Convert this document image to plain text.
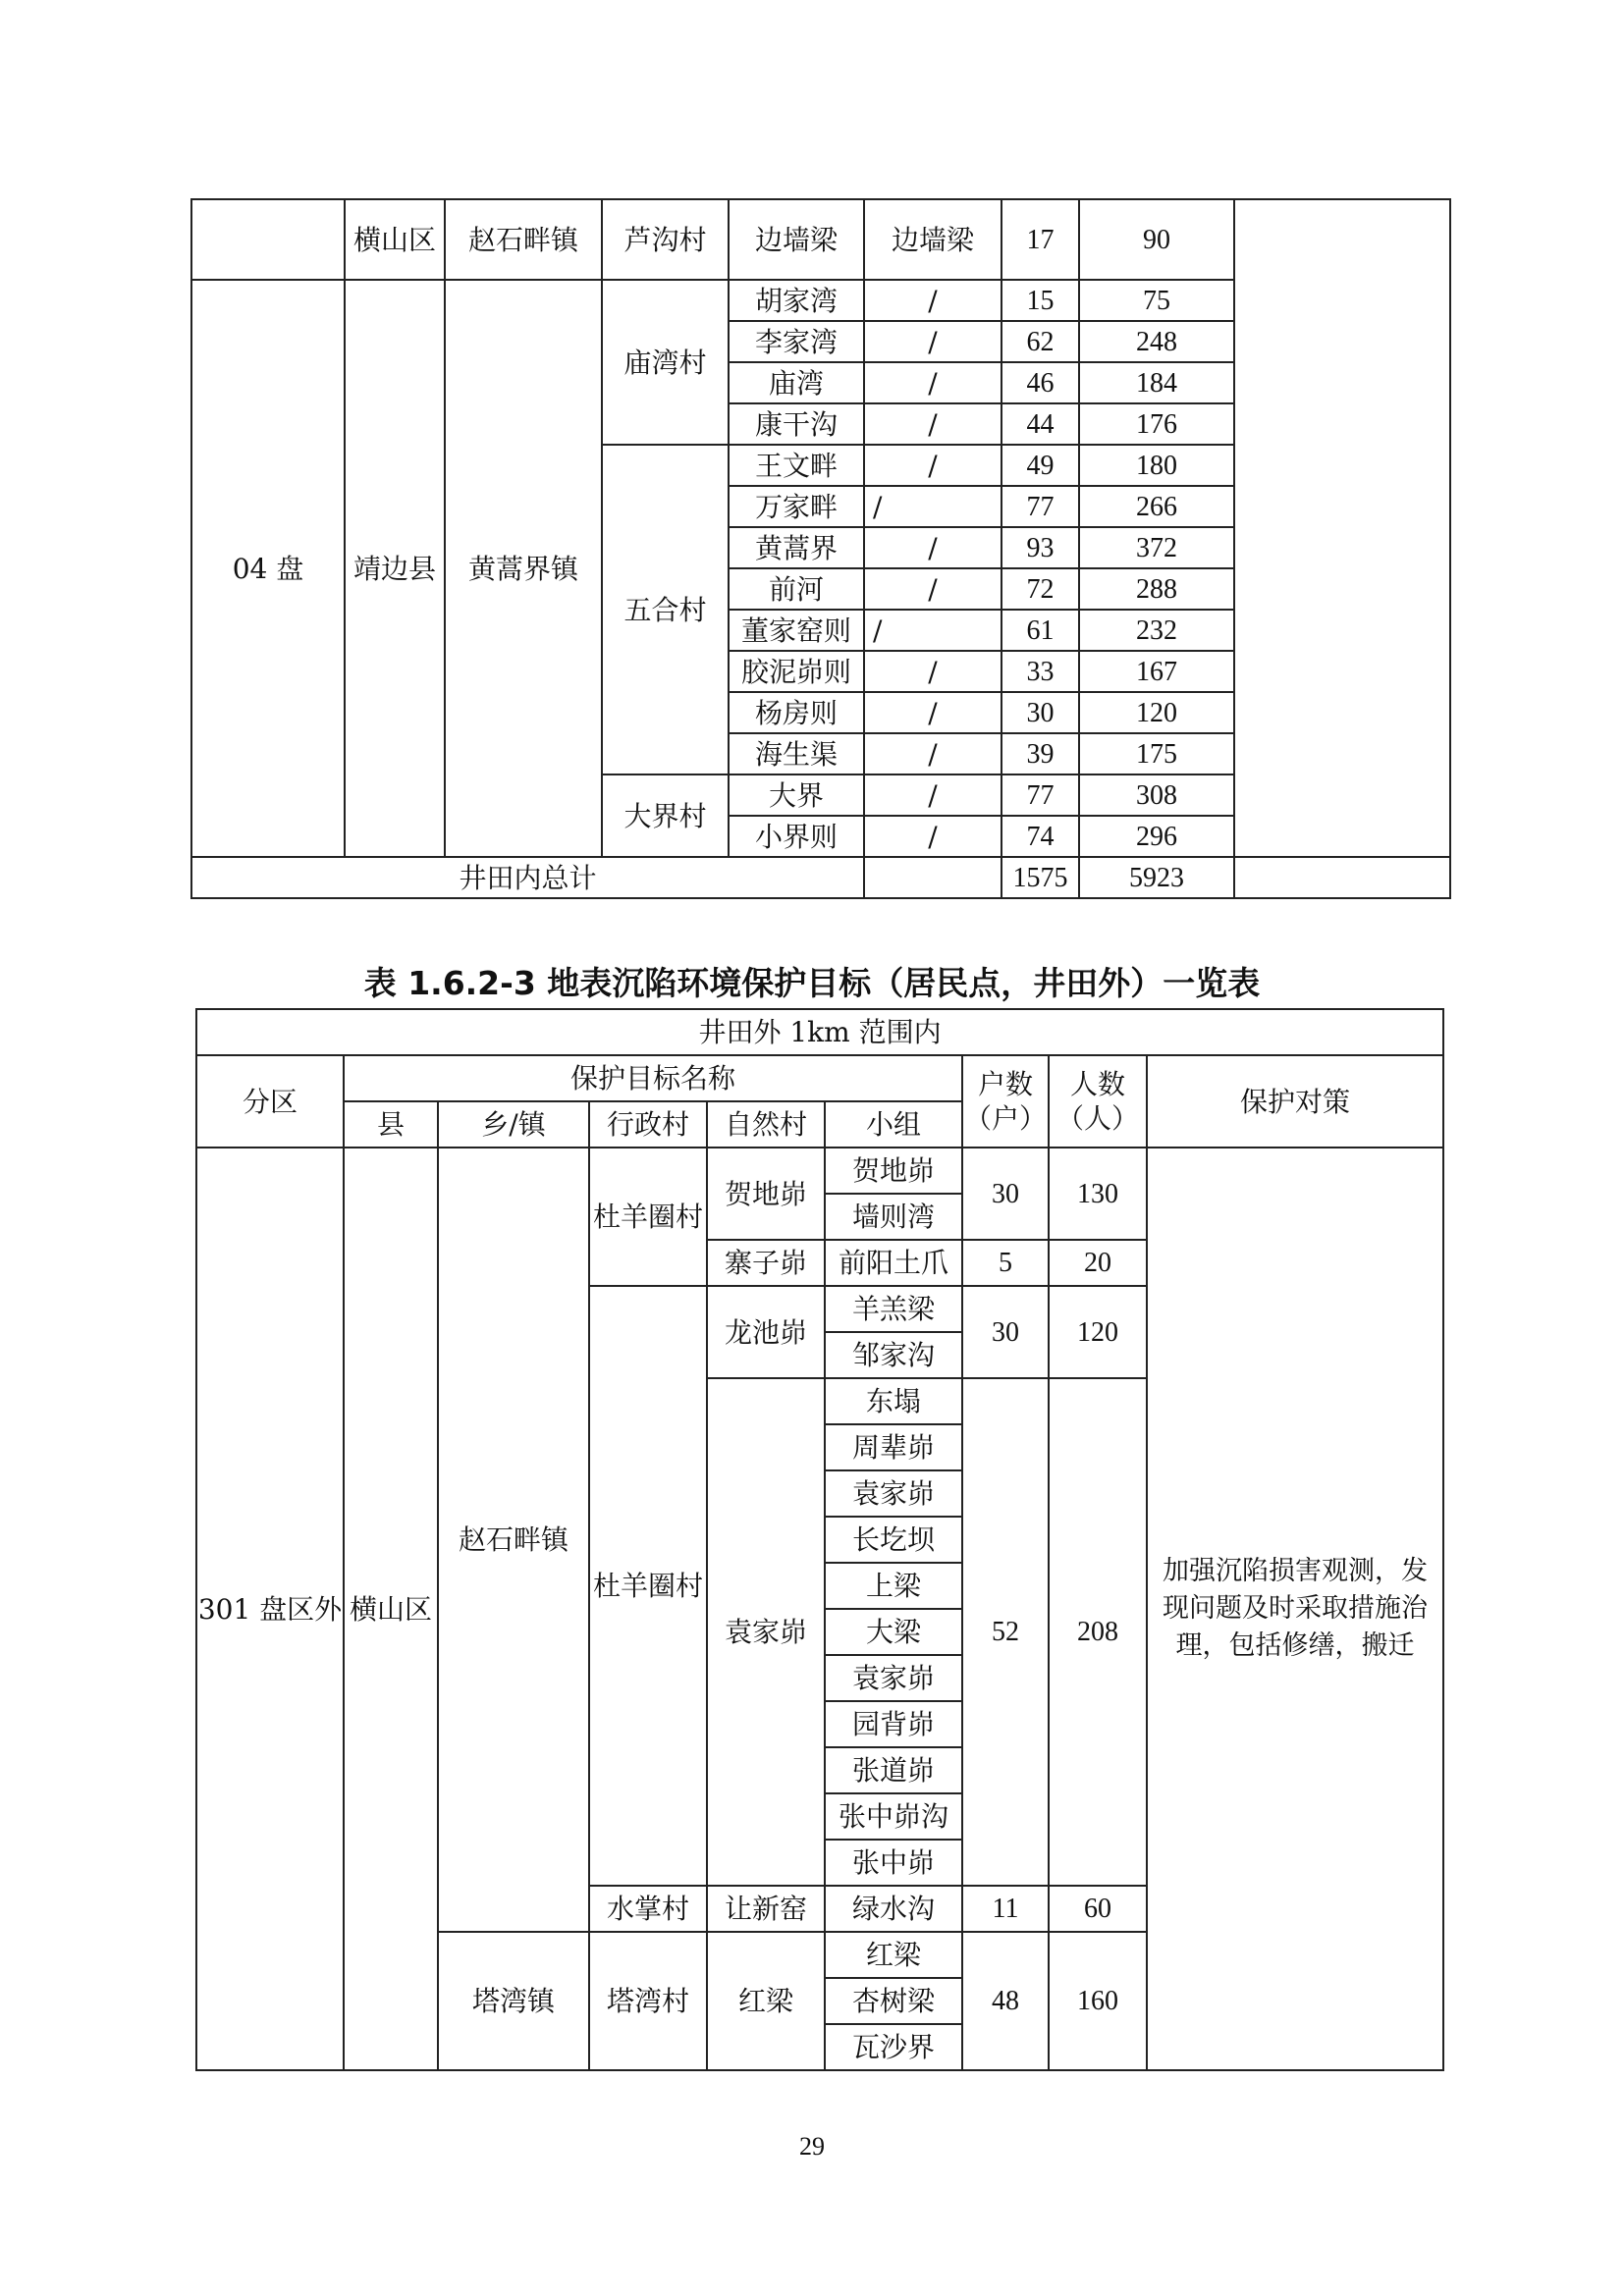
	横山区	赵石畔镇	芦沟村	边墙梁	边墙梁	17	90	
04 盘	靖边县	黄蒿界镇	庙湾村	胡家湾	/	15	75	
				李家湾	/	62	248	
				庙湾	/	46	184	
				康干沟	/	44	176	
			五合村	王文畔	/	49	180	
				万家畔	/	77	266	
				黄蒿界	/	93	372	
				前河	/	72	288	
				董家窑则	/	61	232	
				胶泥峁则	/	33	167	
				杨房则	/	30	120	
				海生渠	/	39	175	
			大界村	大界	/	77	308	
				小界则	/	74	296	
井田内总计						1575	5923	
表 1.6.2-3 地表沉陷环境保护目标（居民点，井田外）一览表
井田外 1km 范围内								
分区	保护目标名称					户数（户）	人数（人）	保护对策
	县	乡/镇	行政村	自然村	小组			
301 盘区外	横山区	赵石畔镇	杜羊圈村	贺地峁	贺地峁	30	130	加强沉陷损害观测，发现问题及时采取措施治理，包括修缮，搬迁
					墙则湾			
				寨子峁	前阳土爪	5	20	
			杜羊圈村	龙池峁	羊羔梁	30	120	
					邹家沟			
				袁家峁	东塌	52	208	
					周辈峁			
					袁家峁			
					长圪坝			
					上梁			
					大梁			
					袁家峁			
					园背峁			
					张道峁			
					张中峁沟			
					张中峁			
			水掌村	让新窑	绿水沟	11	60	
		塔湾镇	塔湾村	红梁	红梁	48	160	
					杏树梁			
					瓦沙界			
29
